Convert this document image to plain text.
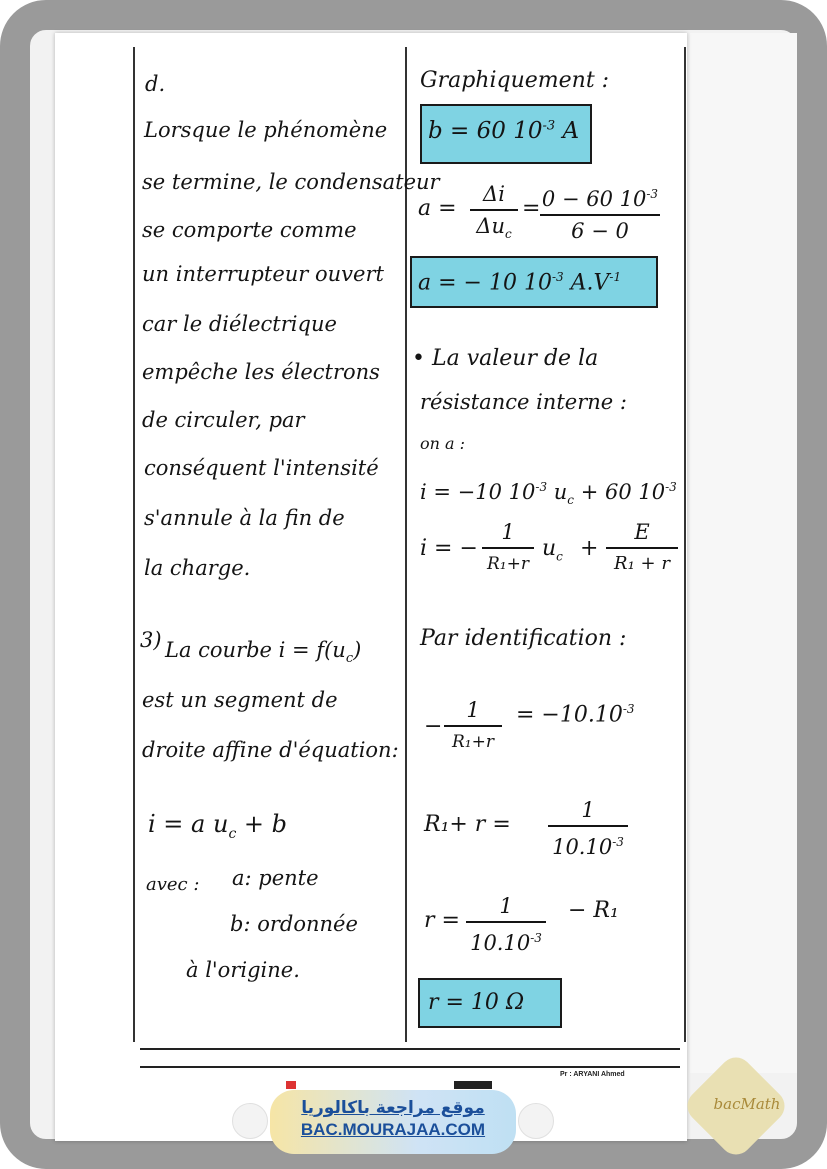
d.
Lorsque le phénomène
se termine, le condensateur
se comporte comme
un interrupteur ouvert
car le diélectrique
empêche les électrons
de circuler, par
conséquent l'intensité
s'annule à la fin de
la charge.
3) La courbe $i = f(u_c)$
est un segment de
droite affine d'équation:
i = a $u_c + b$
avec : a: pente
b: ordonnée
à l'origine.
Graphiquement :
b = 60 $10^{-3}$ A
a =
Δi
$\Delta u_c$
= 0 − 60 $10^{-3}$
6 − 0
a = − 10 $10^{-3}$ $A.V^{-1}$
• La valeur de la
résistance interne :
on a :
i = −10 $10^{-3}$ $u_c + 60$ $10^{-3}$
i = −
1
R₁+r
$u_c$ +
E
R₁ + r
Par identification :
−
1
R₁+r
= $-10.10^{-3}$
R₁+ r =
1
$10.10^{-3}$
r =
1
$10.10^{-3}$
− R₁
r = 10 Ω
Pr : ARYANI Ahmed
موقع مراجعة باكالوريا
BAC.MOURAJAA.COM
bacMath
